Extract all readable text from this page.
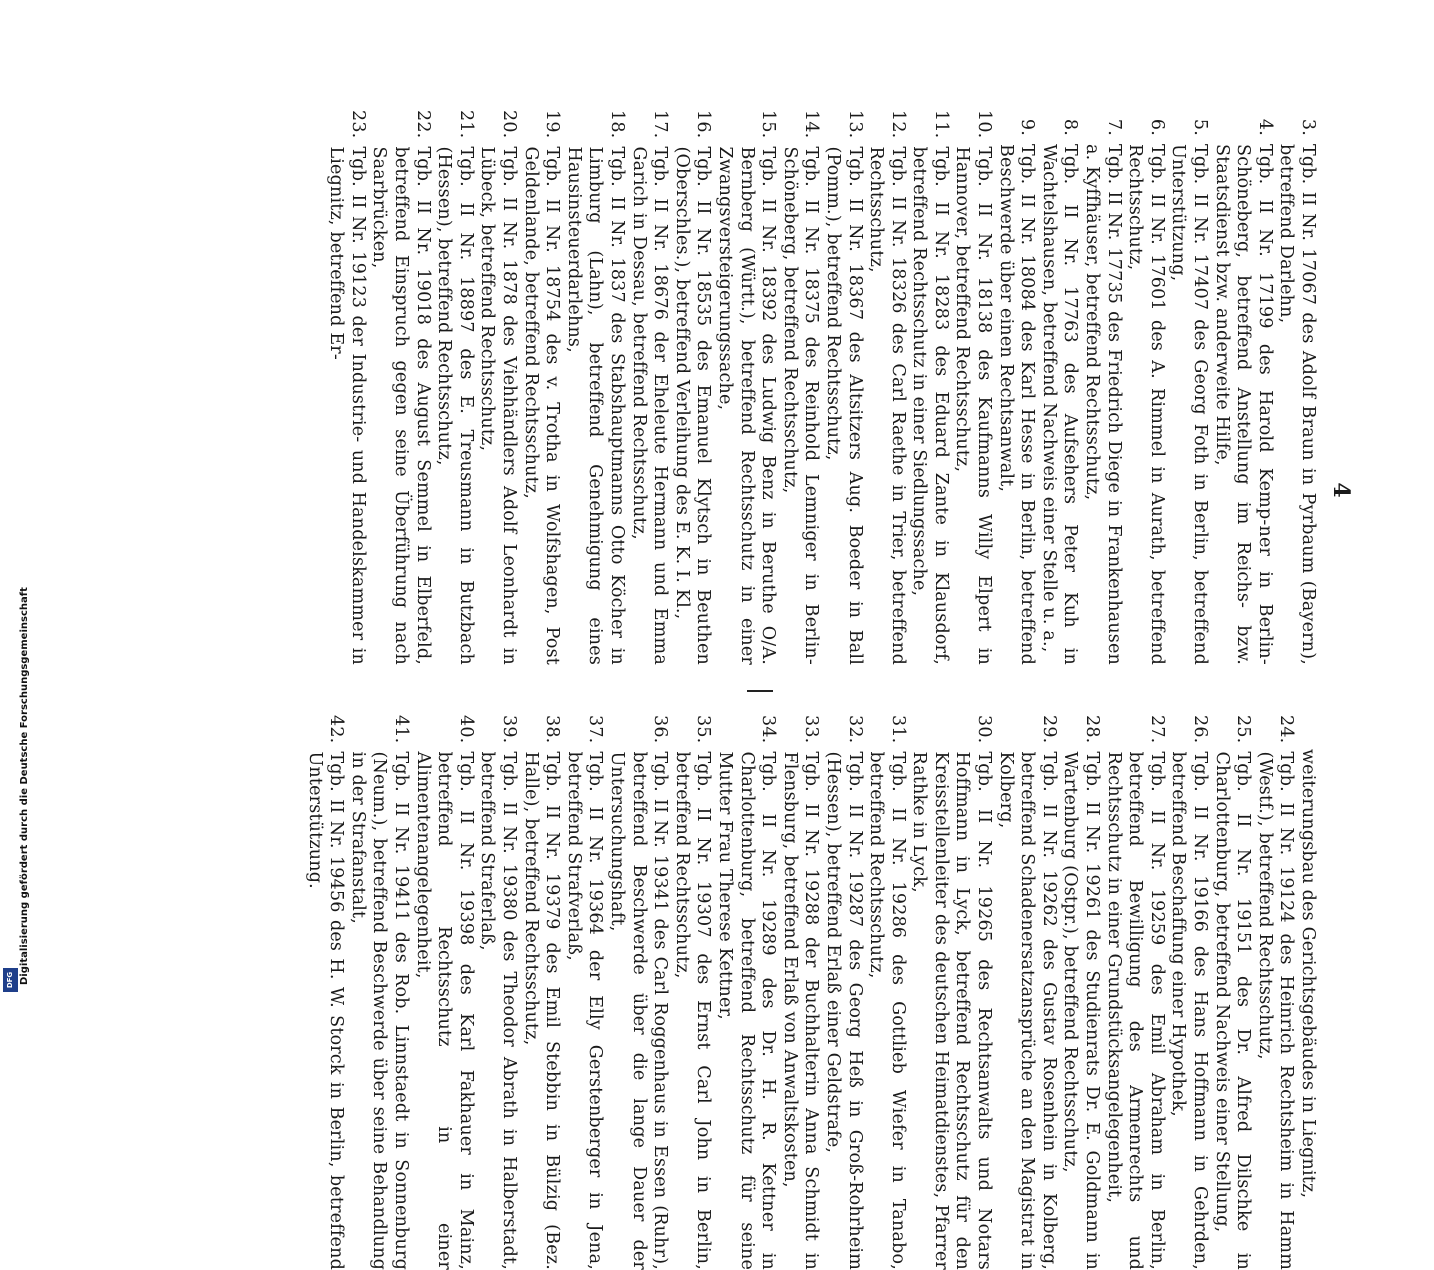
4
3.
Tgb. II Nr. 17067 des Adolf Braun in Pyrbaum (Bayern), betreffend Darlehn,
4.
Tgb. II Nr. 17199 des Harold Kemp-ner in Berlin-Schöneberg, betreffend Anstellung im Reichs- bzw. Staatsdienst bzw. anderweite Hilfe,
5.
Tgb. II Nr. 17407 des Georg Foth in Berlin, betreffend Unterstützung,
6.
Tgb. II Nr. 17601 des A. Rimmel in Aurath, betreffend Rechtsschutz,
7.
Tgb. II Nr. 17735 des Friedrich Diege in Frankenhausen a. Kyffhäuser, betreffend Rechtsschutz,
8.
Tgb. II Nr. 17763 des Aufsehers Peter Kuh in Wachtelshausen, betreffend Nachweis einer Stelle u. a.,
9.
Tgb. II Nr. 18084 des Karl Hesse in Berlin, betreffend Beschwerde über einen Rechtsanwalt,
10.
Tgb. II Nr. 18138 des Kaufmanns Willy Elpert in Hannover, betreffend Rechtsschutz,
11.
Tgb. II Nr. 18283 des Eduard Zante in Klausdorf, betreffend Rechtsschutz in einer Siedlungssache,
12.
Tgb. II Nr. 18326 des Carl Raethe in Trier, betreffend Rechtsschutz,
13.
Tgb. II Nr. 18367 des Altsitzers Aug. Boeder in Ball (Pomm.), betreffend Rechtsschutz,
14.
Tgb. II Nr. 18375 des Reinhold Lemniger in Berlin-Schöneberg, betreffend Rechtsschutz,
15.
Tgb. II Nr. 18392 des Ludwig Benz in Beruthe O/A. Bernberg (Württ.), betreffend Rechtsschutz in einer Zwangsversteigerungssache,
16.
Tgb. II Nr. 18535 des Emanuel Klytsch in Beuthen (Oberschles.), betreffend Verleihung des E. K. I. Kl.,
17.
Tgb. II Nr. 18676 der Eheleute Hermann und Emma Garich in Dessau, betreffend Rechtsschutz,
18.
Tgb. II Nr. 1837 des Stabshauptmanns Otto Köcher in Limburg (Lahn), betreffend Genehmigung eines Hausinsteuerdarlehns,
19.
Tgb. II Nr. 18754 des v. Trotha in Wolfshagen, Post Geldenlande, betreffend Rechtsschutz,
20.
Tgb. II Nr. 1878 des Viehhändlers Adolf Leonhardt in Lübeck, betreffend Rechtsschutz,
21.
Tgb. II Nr. 18897 des E. Treusmann in Butzbach (Hessen), betreffend Rechtsschutz,
22.
Tgb. II Nr. 19018 des August Semmel in Elberfeld, betreffend Einspruch gegen seine Überführung nach Saarbrücken,
23.
Tgb. II Nr. 19123 der Industrie- und Handelskammer in Liegnitz, betreffend Er-
weiterungsbau des Gerichtsgebäudes in Liegnitz,
24.
Tgb. II Nr. 19124 des Heinrich Rechtsheim in Hamm (Westf.), betreffend Rechtsschutz,
25.
Tgb. II Nr. 19151 des Dr. Alfred Dilschke in Charlottenburg, betreffend Nachweis einer Stellung,
26.
Tgb. II Nr. 19166 des Hans Hoffmann in Gehrden, betreffend Beschaffung einer Hypothek,
27.
Tgb. II Nr. 19259 des Emil Abraham in Berlin, betreffend Bewilligung des Armenrechts und Rechtsschutz in einer Grundstücksangelegenheit,
28.
Tgb. II Nr. 19261 des Studienrats Dr. E. Goldmann in Wartenburg (Ostpr.), betreffend Rechtsschutz,
29.
Tgb. II Nr. 19262 des Gustav Rosenhein in Kolberg, betreffend Schadenersatzansprüche an den Magistrat in Kolberg,
30.
Tgb. II Nr. 19265 des Rechtsanwalts und Notars Hoffmann in Lyck, betreffend Rechtsschutz für den Kreisstellenleiter des deutschen Heimatdienstes, Pfarrer Rathke in Lyck,
31.
Tgb. II Nr. 19286 des Gottlieb Wiefer in Tanabo, betreffend Rechtsschutz,
32.
Tgb. II Nr. 19287 des Georg Heß in Groß-Rohrheim (Hessen), betreffend Erlaß einer Geldstrafe,
33.
Tgb. II Nr. 19288 der Buchhalterin Anna Schmidt in Flensburg, betreffend Erlaß von Anwaltskosten,
34.
Tgb. II Nr. 19289 des Dr. H. R. Kettner in Charlottenburg, betreffend Rechtsschutz für seine Mutter Frau Therese Kettner,
35.
Tgb. II Nr. 19307 des Ernst Carl John in Berlin, betreffend Rechtsschutz,
36.
Tgb. II Nr. 19341 des Carl Roggenhaus in Essen (Ruhr), betreffend Beschwerde über die lange Dauer der Untersuchungshaft,
37.
Tgb. II Nr. 19364 der Elly Gerstenberger in Jena, betreffend Strafverlaß,
38.
Tgb. II Nr. 19379 des Emil Stebbin in Bülzig (Bez. Halle), betreffend Rechtsschutz,
39.
Tgb. II Nr. 19380 des Theodor Abrath in Halberstadt, betreffend Straferlaß,
40.
Tgb. II Nr. 19398 des Karl Fakhauer in Mainz, betreffend Rechtsschutz in einer Alimentenangelegenheit,
41.
Tgb. II Nr. 19411 des Rob. Linnstaedt in Sonnenburg (Neum.), betreffend Beschwerde über seine Behandlung in der Strafanstalt,
42.
Tgb. II Nr. 19456 des H. W. Storck in Berlin, betreffend Unterstützung.
Digitalisierung gefördert durch die Deutsche Forschungsgemeinschaft
DFG
